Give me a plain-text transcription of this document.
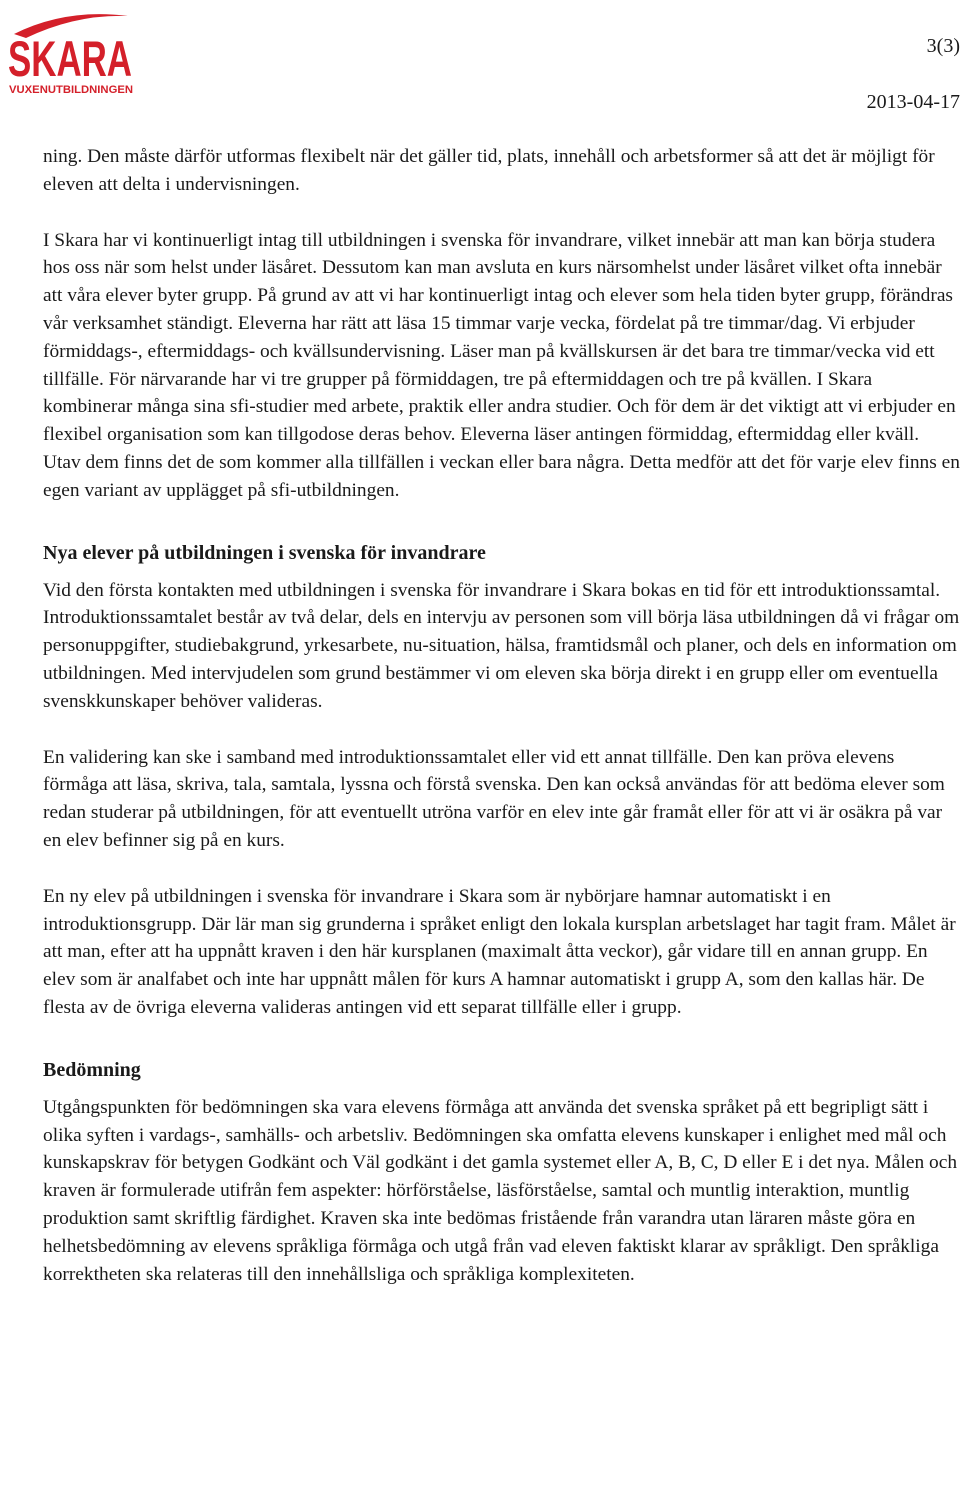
SKARA
VUXENUTBILDNINGEN
3(3)
2013-04-17

ning. Den måste därför utformas flexibelt när det gäller tid, plats, innehåll och arbetsformer så att det är möjligt för eleven att delta i undervisningen.

I Skara har vi kontinuerligt intag till utbildningen i svenska för invandrare, vilket innebär att man kan börja studera hos oss när som helst under läsåret. Dessutom kan man avsluta en kurs närsomhelst under läsåret vilket ofta innebär att våra elever byter grupp. På grund av att vi har kontinuerligt intag och elever som hela tiden byter grupp, förändras vår verksamhet ständigt. Eleverna har rätt att läsa 15 timmar varje vecka, fördelat på tre timmar/dag. Vi erbjuder förmiddags-, eftermiddags- och kvällsundervisning. Läser man på kvällskursen är det bara tre timmar/vecka vid ett tillfälle. För närvarande har vi tre grupper på förmiddagen, tre på eftermiddagen och tre på kvällen. I Skara kombinerar många sina sfi-studier med arbete, praktik eller andra studier. Och för dem är det viktigt att vi erbjuder en flexibel organisation som kan tillgodose deras behov. Eleverna läser antingen förmiddag, eftermiddag eller kväll. Utav dem finns det de som kommer alla tillfällen i veckan eller bara några. Detta medför att det för varje elev finns en egen variant av upplägget på sfi-utbildningen.

Nya elever på utbildningen i svenska för invandrare

Vid den första kontakten med utbildningen i svenska för invandrare i Skara bokas en tid för ett introduktionssamtal. Introduktionssamtalet består av två delar, dels en intervju av personen som vill börja läsa utbildningen då vi frågar om personuppgifter, studiebakgrund, yrkesarbete, nu-situation, hälsa, framtidsmål och planer, och dels en information om utbildningen. Med intervjudelen som grund bestämmer vi om eleven ska börja direkt i en grupp eller om eventuella svenskkunskaper behöver valideras.

En validering kan ske i samband med introduktionssamtalet eller vid ett annat tillfälle. Den kan pröva elevens förmåga att läsa, skriva, tala, samtala, lyssna och förstå svenska. Den kan också användas för att bedöma elever som redan studerar på utbildningen, för att eventuellt utröna varför en elev inte går framåt eller för att vi är osäkra på var en elev befinner sig på en kurs.

En ny elev på utbildningen i svenska för invandrare i Skara som är nybörjare hamnar automatiskt i en introduktionsgrupp. Där lär man sig grunderna i språket enligt den lokala kursplan arbetslaget har tagit fram. Målet är att man, efter att ha uppnått kraven i den här kursplanen (maximalt åtta veckor), går vidare till en annan grupp. En elev som är analfabet och inte har uppnått målen för kurs A hamnar automatiskt i grupp A, som den kallas här. De flesta av de övriga eleverna valideras antingen vid ett separat tillfälle eller i grupp.

Bedömning

Utgångspunkten för bedömningen ska vara elevens förmåga att använda det svenska språket på ett begripligt sätt i olika syften i vardags-, samhälls- och arbetsliv. Bedömningen ska omfatta elevens kunskaper i enlighet med mål och kunskapskrav för betygen Godkänt och Väl godkänt i det gamla systemet eller A, B, C, D eller E i det nya. Målen och kraven är formulerade utifrån fem aspekter: hörförståelse, läsförståelse, samtal och muntlig interaktion, muntlig produktion samt skriftlig färdighet. Kraven ska inte bedömas fristående från varandra utan läraren måste göra en helhetsbedömning av elevens språkliga förmåga och utgå från vad eleven faktiskt klarar av språkligt. Den språkliga korrektheten ska relateras till den innehållsliga och språkliga komplexiteten.
